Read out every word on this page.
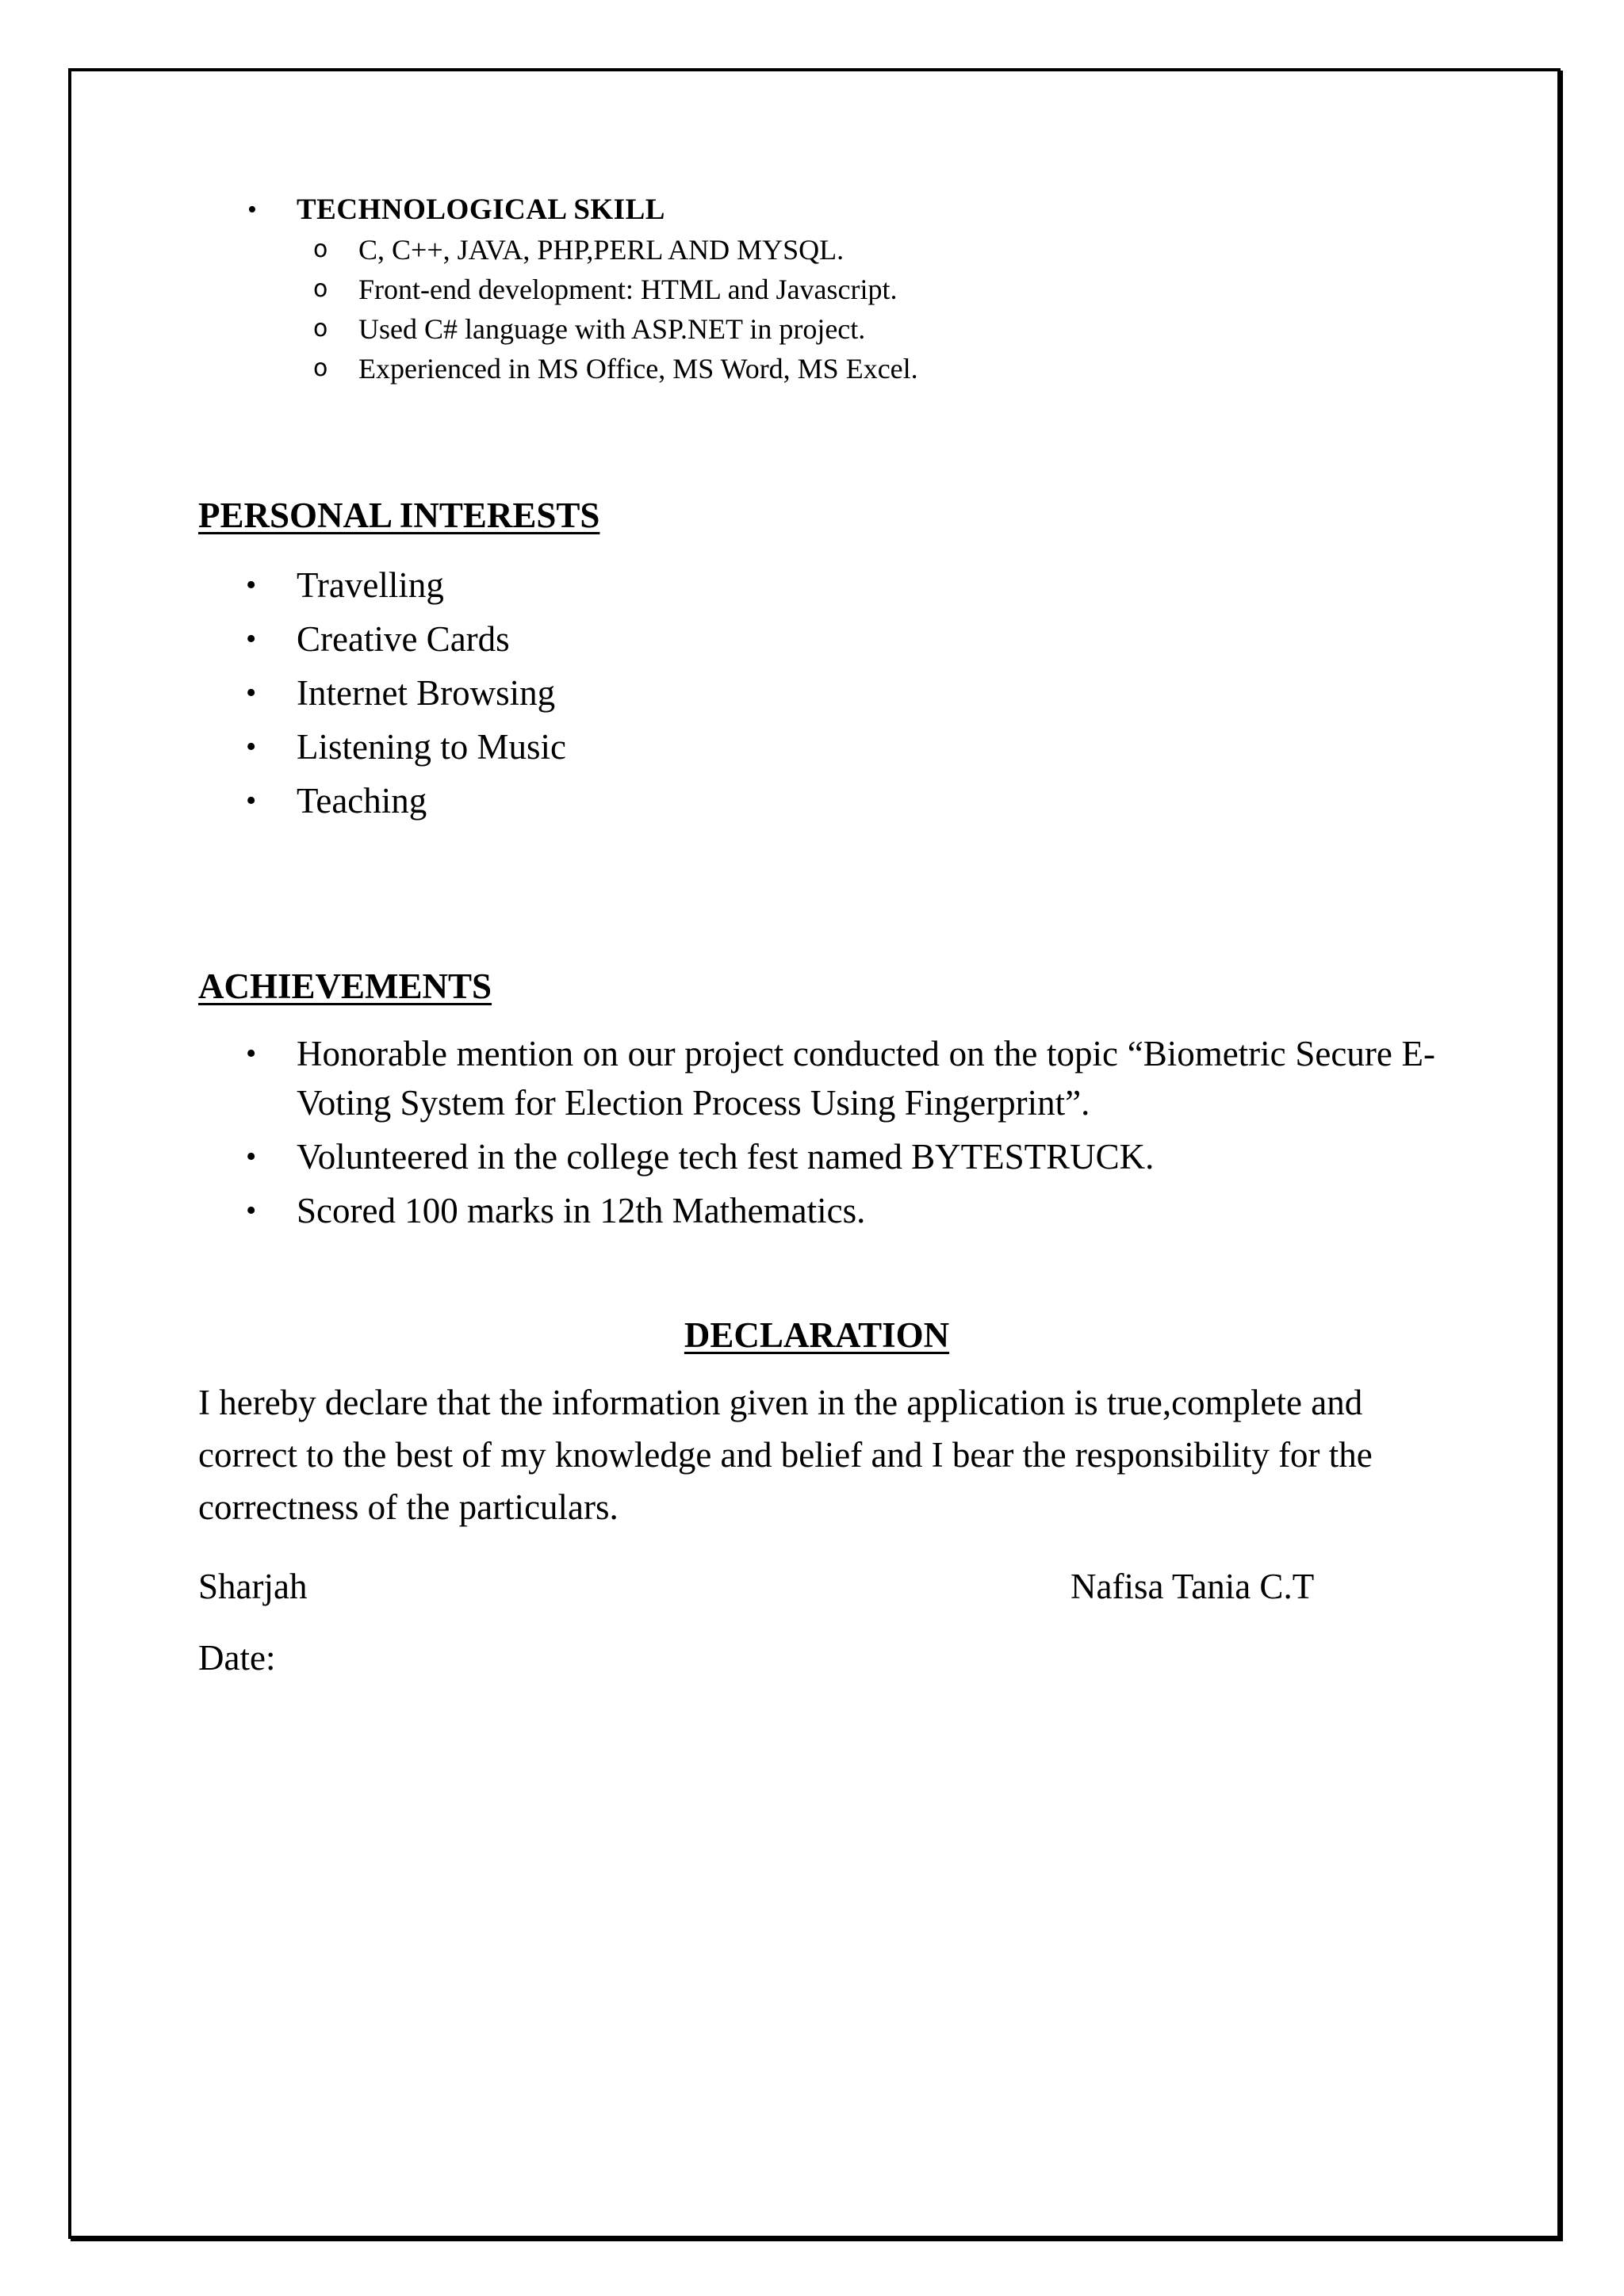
• TECHNOLOGICAL SKILL
o C, C++, JAVA, PHP,PERL AND MYSQL.
o Front-end development: HTML and Javascript.
o Used C# language with ASP.NET in project.
o Experienced in MS Office, MS Word, MS Excel.
PERSONAL INTERESTS
• Travelling
• Creative Cards
• Internet Browsing
• Listening to Music
• Teaching
ACHIEVEMENTS
• Honorable mention on our project conducted on the topic “Biometric Secure E-Voting System for Election Process Using Fingerprint”.
• Volunteered in the college tech fest named BYTESTRUCK.
• Scored 100 marks in 12th Mathematics.
DECLARATION

I hereby declare that the information given in the application is true,complete and correct to the best of my knowledge and belief and I bear the responsibility for the correctness of the particulars.

Sharjah	Nafisa Tania C.T
Date:
